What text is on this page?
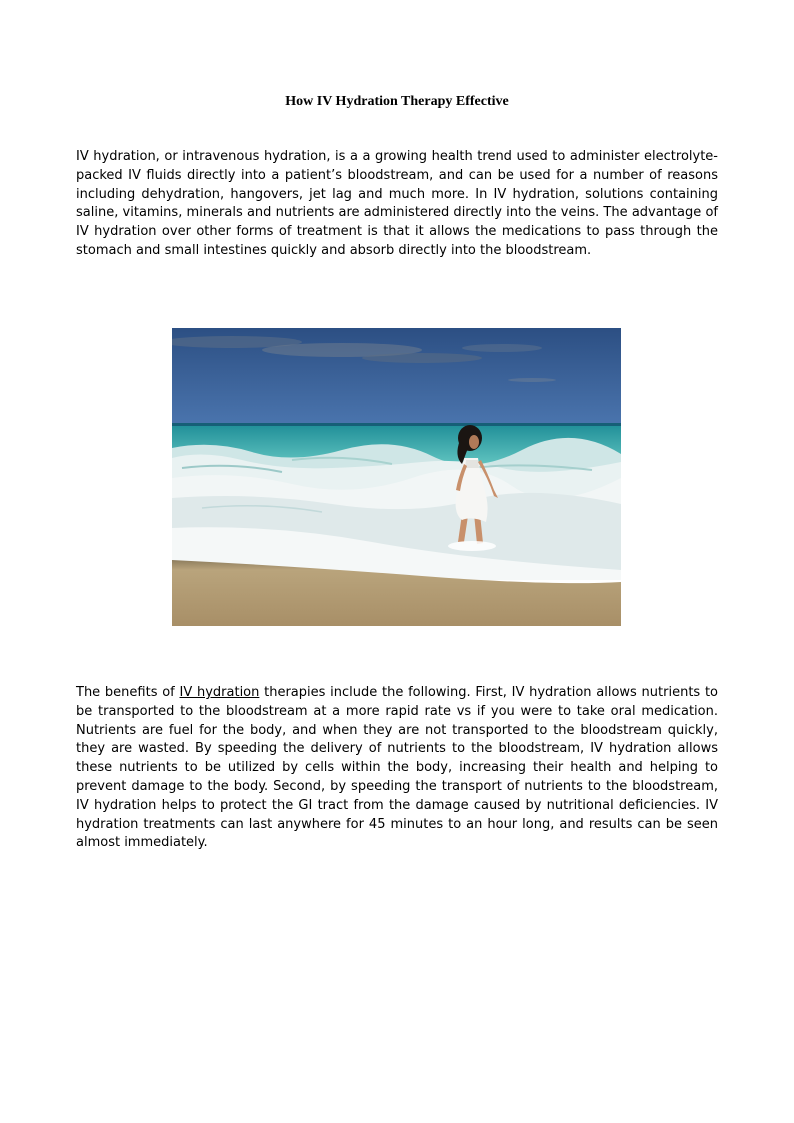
How IV Hydration Therapy Effective

IV hydration, or intravenous hydration, is a a growing health trend used to administer electrolyte-packed IV fluids directly into a patient’s bloodstream, and can be used for a number of reasons including dehydration, hangovers, jet lag and much more. In IV hydration, solutions containing saline, vitamins, minerals and nutrients are administered directly into the veins. The advantage of IV hydration over other forms of treatment is that it allows the medications to pass through the stomach and small intestines quickly and absorb directly into the bloodstream.

The benefits of IV hydration therapies include the following. First, IV hydration allows nutrients to be transported to the bloodstream at a more rapid rate vs if you were to take oral medication. Nutrients are fuel for the body, and when they are not transported to the bloodstream quickly, they are wasted. By speeding the delivery of nutrients to the bloodstream, IV hydration allows these nutrients to be utilized by cells within the body, increasing their health and helping to prevent damage to the body. Second, by speeding the transport of nutrients to the bloodstream, IV hydration helps to protect the GI tract from the damage caused by nutritional deficiencies. IV hydration treatments can last anywhere for 45 minutes to an hour long, and results can be seen almost immediately.
